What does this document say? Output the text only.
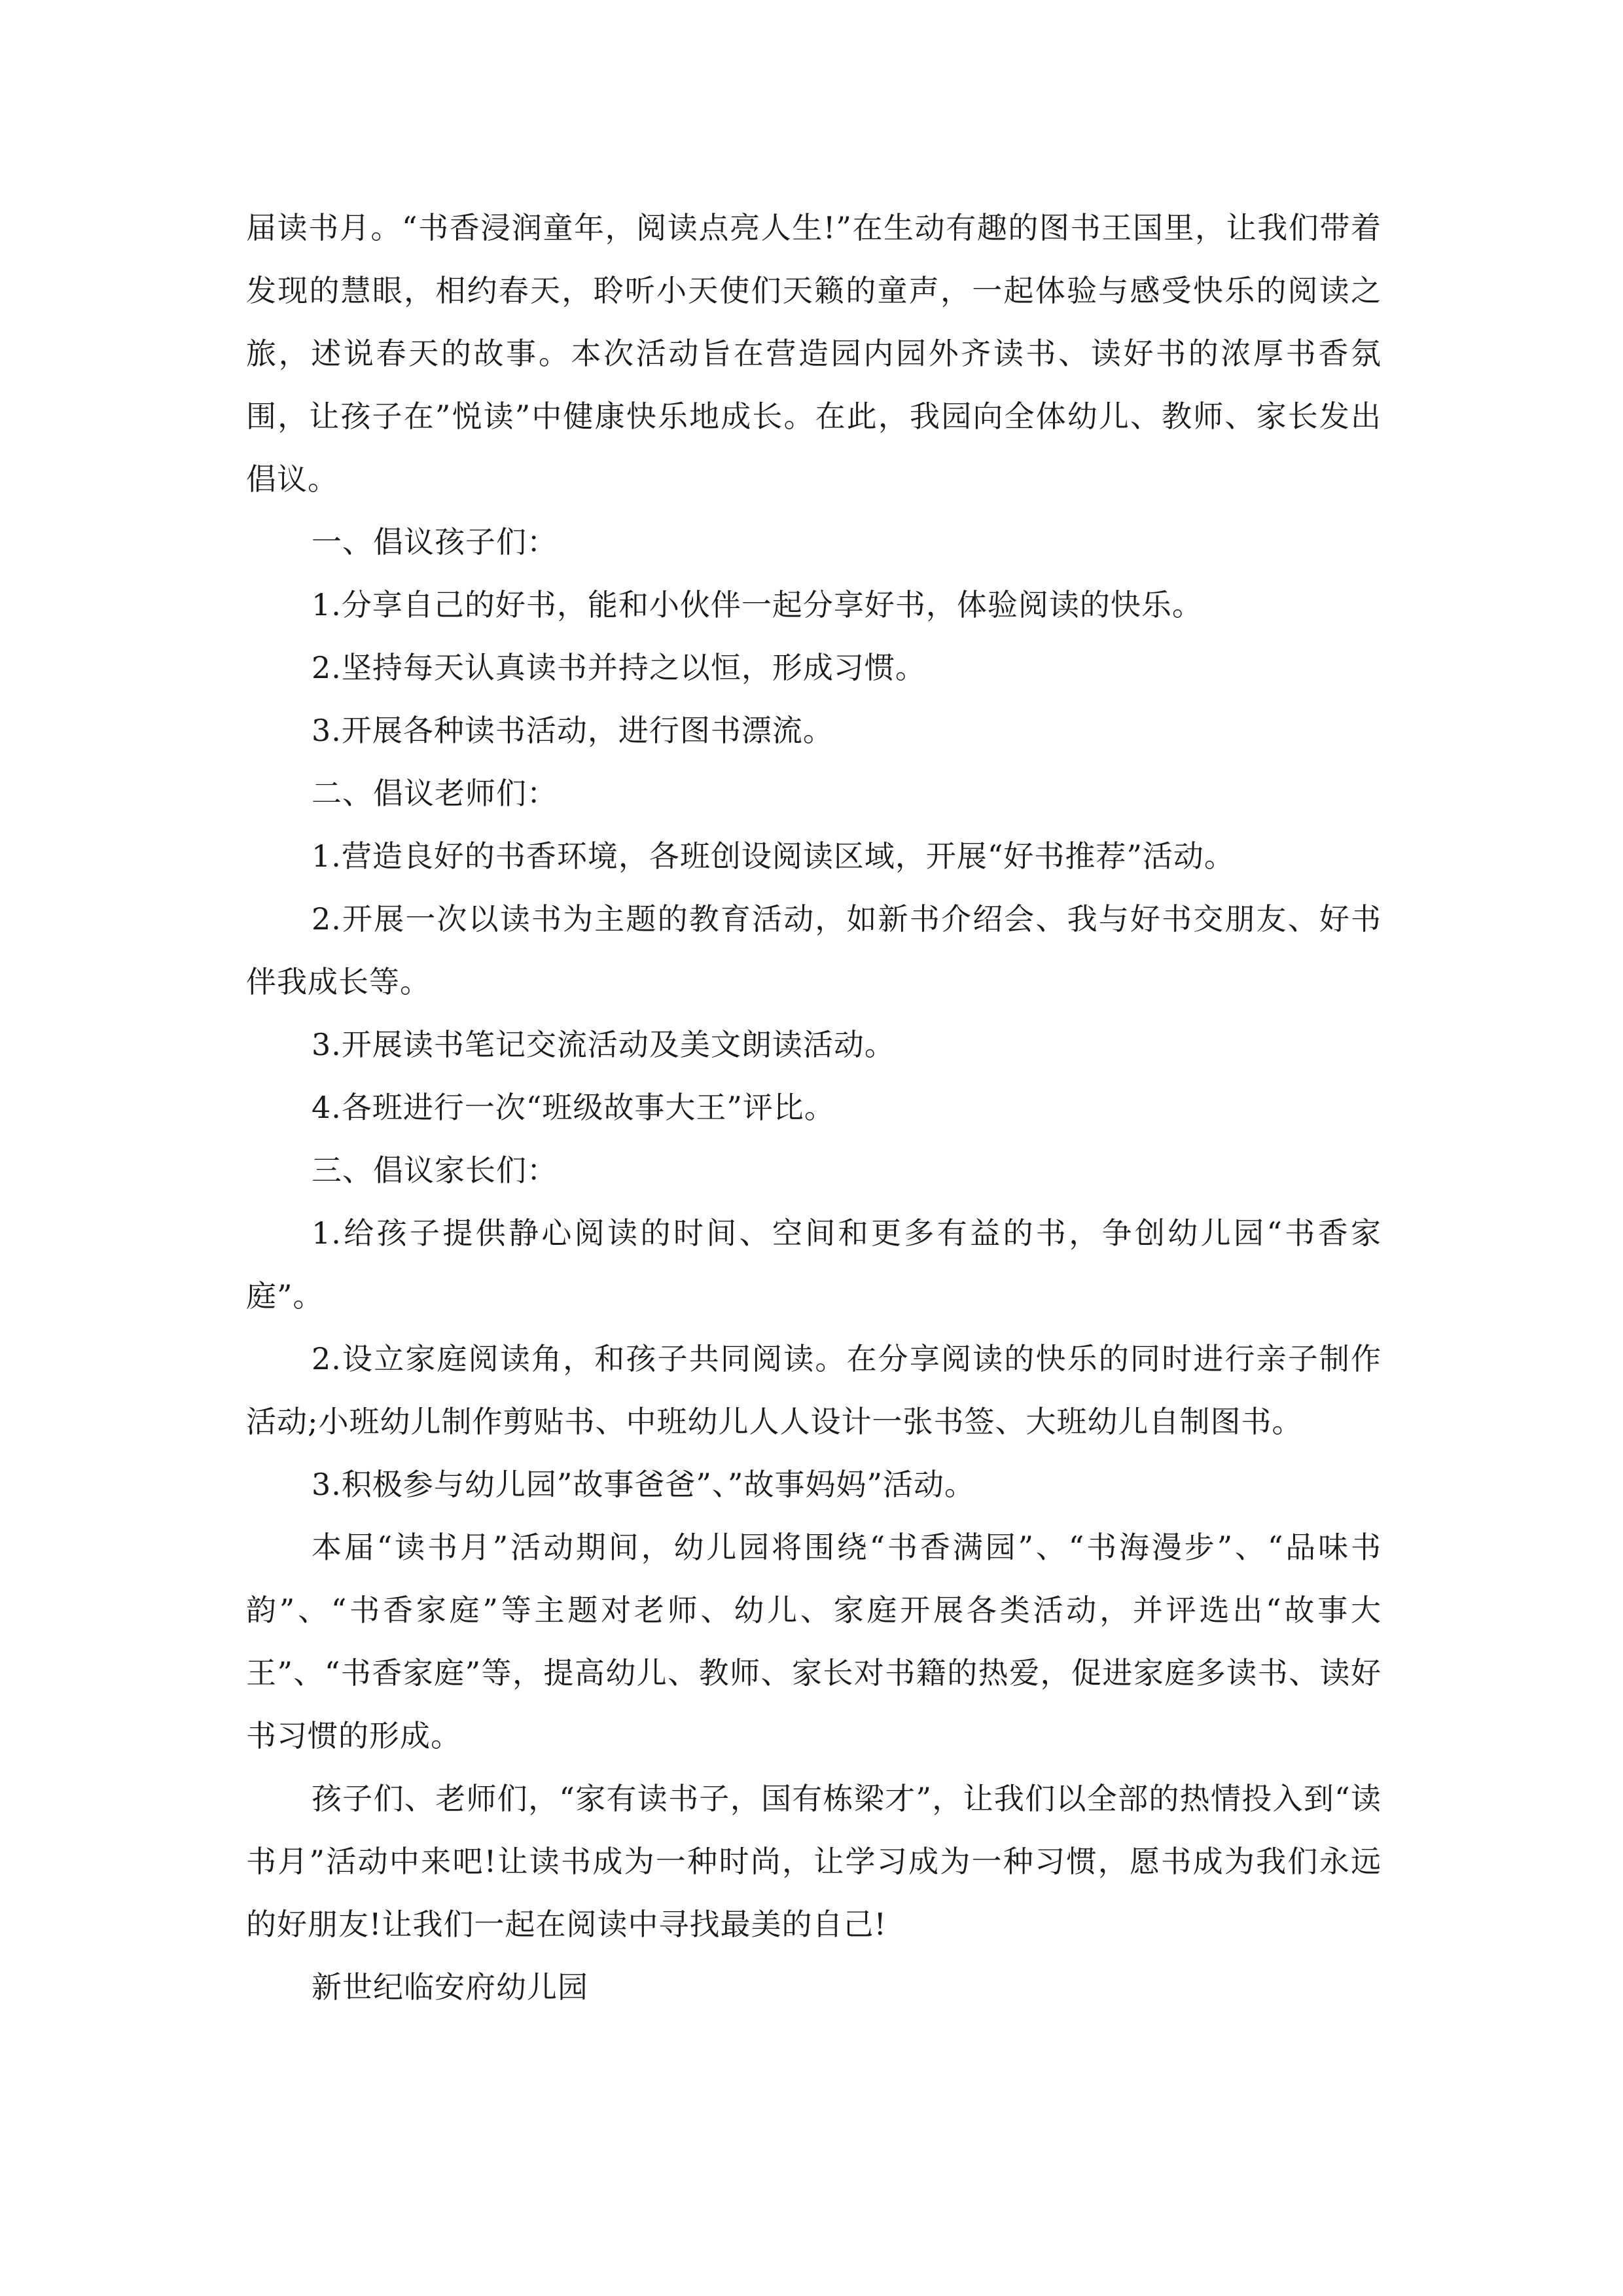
届读书月。“书香浸润童年，阅读点亮人生!”在生动有趣的图书王国里，让我们带着发现的慧眼，相约春天，聆听小天使们天籁的童声，一起体验与感受快乐的阅读之旅，述说春天的故事。本次活动旨在营造园内园外齐读书、读好书的浓厚书香氛围，让孩子在”悦读”中健康快乐地成长。在此，我园向全体幼儿、教师、家长发出倡议。

一、倡议孩子们：

1.分享自己的好书，能和小伙伴一起分享好书，体验阅读的快乐。

2.坚持每天认真读书并持之以恒，形成习惯。

3.开展各种读书活动，进行图书漂流。

二、倡议老师们：

1.营造良好的书香环境，各班创设阅读区域，开展“好书推荐”活动。

2.开展一次以读书为主题的教育活动，如新书介绍会、我与好书交朋友、好书伴我成长等。

3.开展读书笔记交流活动及美文朗读活动。

4.各班进行一次“班级故事大王”评比。

三、倡议家长们：

1.给孩子提供静心阅读的时间、空间和更多有益的书，争创幼儿园“书香家庭”。

2.设立家庭阅读角，和孩子共同阅读。在分享阅读的快乐的同时进行亲子制作活动;小班幼儿制作剪贴书、中班幼儿人人设计一张书签、大班幼儿自制图书。

3.积极参与幼儿园”故事爸爸”、”故事妈妈”活动。

本届“读书月”活动期间，幼儿园将围绕“书香满园”、“书海漫步”、“品味书韵”、“书香家庭”等主题对老师、幼儿、家庭开展各类活动，并评选出“故事大王”、“书香家庭”等，提高幼儿、教师、家长对书籍的热爱，促进家庭多读书、读好书习惯的形成。

孩子们、老师们，“家有读书子，国有栋梁才”，让我们以全部的热情投入到“读书月”活动中来吧!让读书成为一种时尚，让学习成为一种习惯，愿书成为我们永远的好朋友!让我们一起在阅读中寻找最美的自己!

新世纪临安府幼儿园
